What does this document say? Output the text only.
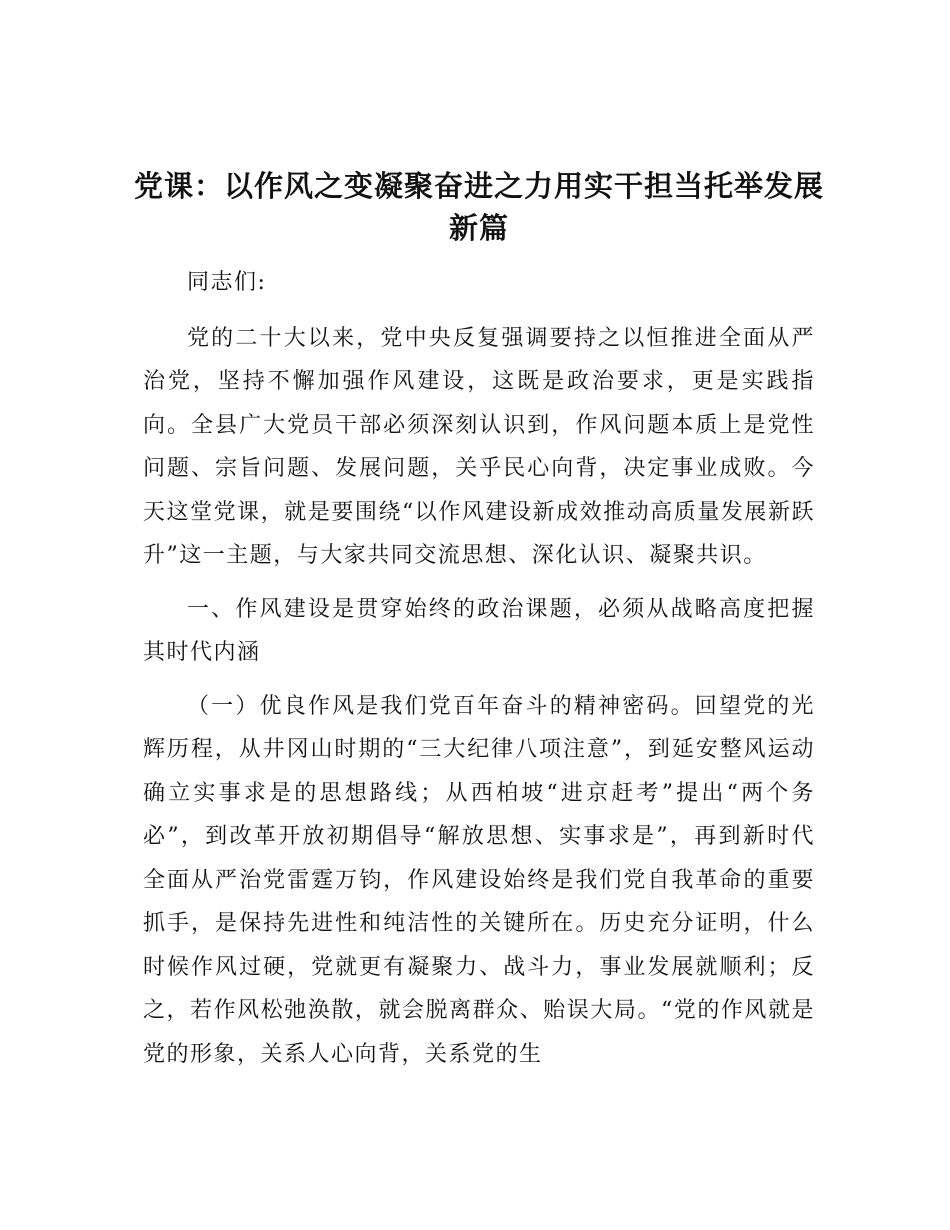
党课：以作风之变凝聚奋进之力用实干担当托举发展新篇

同志们:

党的二十大以来，党中央反复强调要持之以恒推进全面从严治党，坚持不懈加强作风建设，这既是政治要求，更是实践指向。全县广大党员干部必须深刻认识到，作风问题本质上是党性问题、宗旨问题、发展问题，关乎民心向背，决定事业成败。今天这堂党课，就是要围绕“以作风建设新成效推动高质量发展新跃升”这一主题，与大家共同交流思想、深化认识、凝聚共识。

一、作风建设是贯穿始终的政治课题，必须从战略高度把握其时代内涵

（一）优良作风是我们党百年奋斗的精神密码。回望党的光辉历程，从井冈山时期的“三大纪律八项注意”，到延安整风运动确立实事求是的思想路线；从西柏坡“进京赶考”提出“两个务必”，到改革开放初期倡导“解放思想、实事求是”，再到新时代全面从严治党雷霆万钧，作风建设始终是我们党自我革命的重要抓手，是保持先进性和纯洁性的关键所在。历史充分证明，什么时候作风过硬，党就更有凝聚力、战斗力，事业发展就顺利；反之，若作风松弛涣散，就会脱离群众、贻误大局。“党的作风就是党的形象，关系人心向背，关系党的生
